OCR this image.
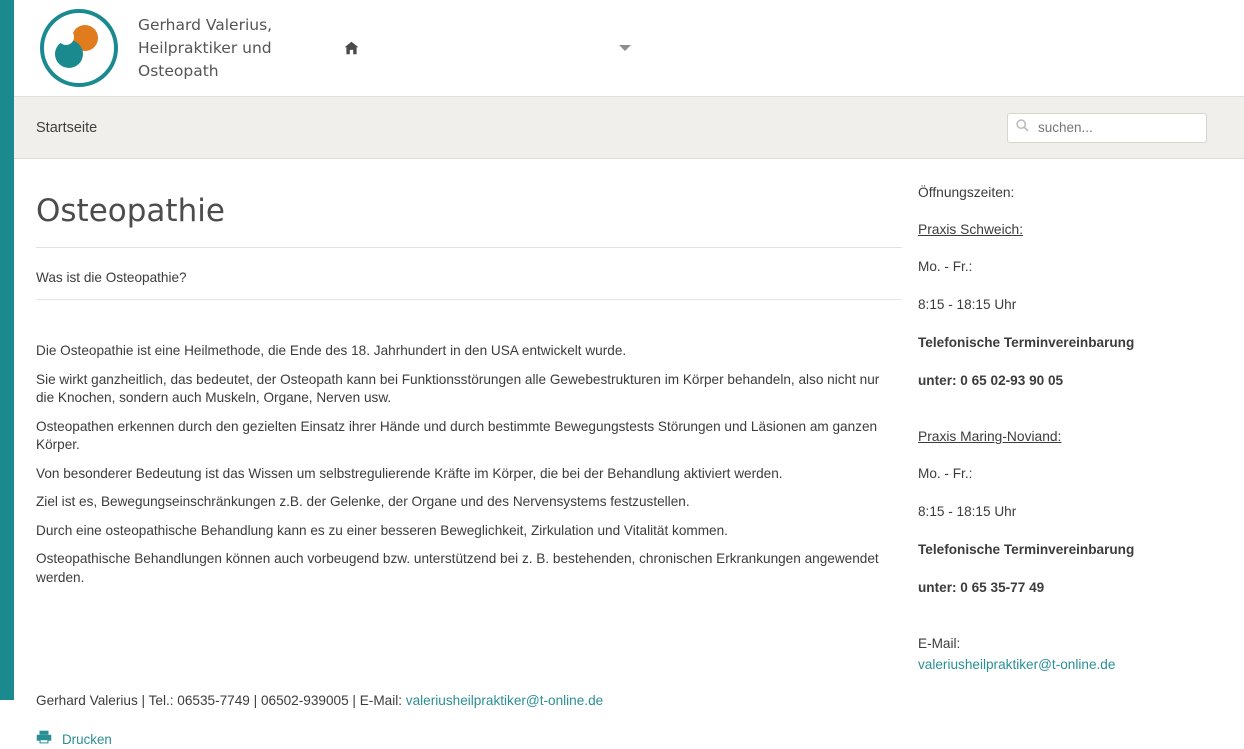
Gerhard Valerius,
Heilpraktiker und
Osteopath
Startseite
suchen...
Osteopathie
Was ist die Osteopathie?

Die Osteopathie ist eine Heilmethode, die Ende des 18. Jahrhundert in den USA entwickelt wurde.

Sie wirkt ganzheitlich, das bedeutet, der Osteopath kann bei Funktionsstörungen alle Gewebestrukturen im Körper behandeln, also nicht nur die Knochen, sondern auch Muskeln, Organe, Nerven usw.

Osteopathen erkennen durch den gezielten Einsatz ihrer Hände und durch bestimmte Bewegungstests Störungen und Läsionen am ganzen Körper.

Von besonderer Bedeutung ist das Wissen um selbstregulierende Kräfte im Körper, die bei der Behandlung aktiviert werden.

Ziel ist es, Bewegungseinschränkungen z.B. der Gelenke, der Organe und des Nervensystems festzustellen.

Durch eine osteopathische Behandlung kann es zu einer besseren Beweglichkeit, Zirkulation und Vitalität kommen.

Osteopathische Behandlungen können auch vorbeugend bzw. unterstützend bei z. B. bestehenden, chronischen Erkrankungen angewendet werden.

Gerhard Valerius | Tel.: 06535-7749 | 06502-939005 | E-Mail: valeriusheilpraktiker@t-online.de
Drucken

Öffnungszeiten:

Praxis Schweich:

Mo. - Fr.:

8:15 - 18:15 Uhr

Telefonische Terminvereinbarung

unter: 0 65 02-93 90 05

Praxis Maring-Noviand:

Mo. - Fr.:

8:15 - 18:15 Uhr

Telefonische Terminvereinbarung

unter: 0 65 35-77 49

E-Mail:

valeriusheilpraktiker@t-online.de
